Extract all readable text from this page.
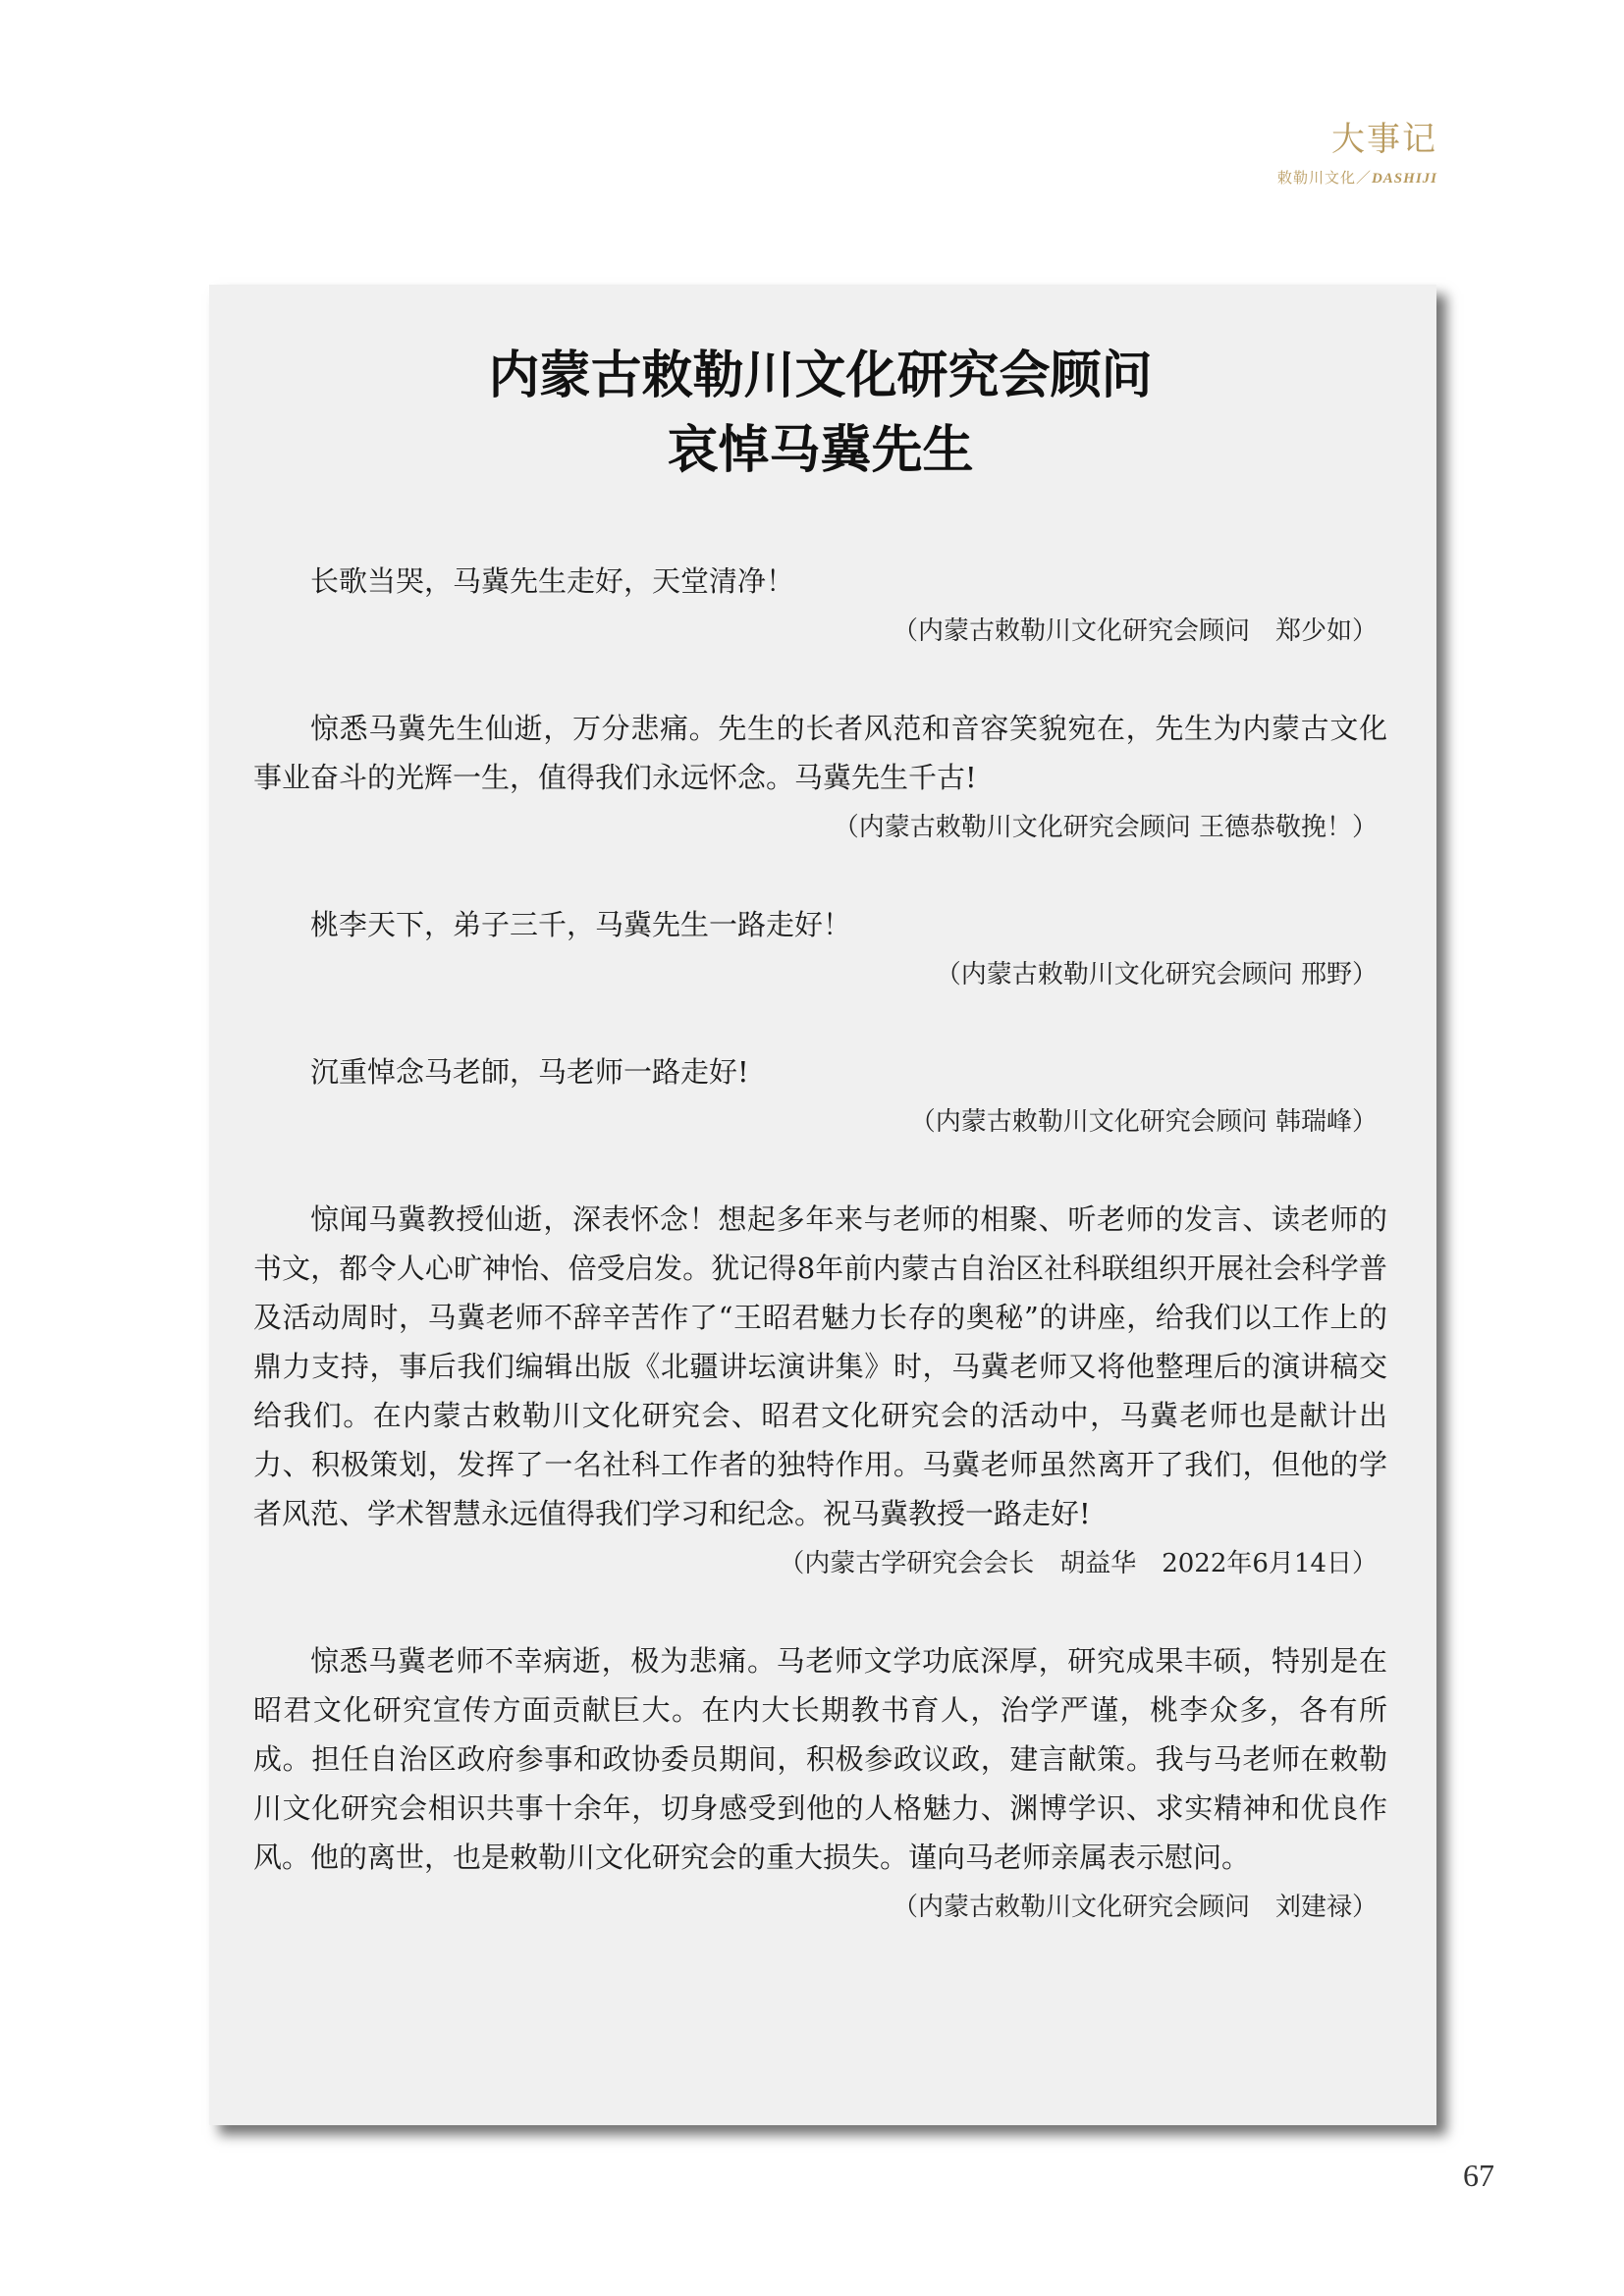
大事记
敕勒川文化／DASHIJI
内蒙古敕勒川文化研究会顾问
哀悼马冀先生

长歌当哭，马冀先生走好，天堂清净！

（内蒙古敕勒川文化研究会顾问　郑少如）

惊悉马冀先生仙逝，万分悲痛。先生的长者风范和音容笑貌宛在，先生为内蒙古文化事业奋斗的光辉一生，值得我们永远怀念。马冀先生千古!

（内蒙古敕勒川文化研究会顾问 王德恭敬挽！）

桃李天下，弟子三千，马冀先生一路走好！

（内蒙古敕勒川文化研究会顾问 邢野）

沉重悼念马老師，马老师一路走好!

（内蒙古敕勒川文化研究会顾问 韩瑞峰）

惊闻马冀教授仙逝，深表怀念！想起多年来与老师的相聚、听老师的发言、读老师的书文，都令人心旷神怡、倍受启发。犹记得8年前内蒙古自治区社科联组织开展社会科学普及活动周时，马冀老师不辞辛苦作了“王昭君魅力长存的奥秘”的讲座，给我们以工作上的鼎力支持，事后我们编辑出版《北疆讲坛演讲集》时，马冀老师又将他整理后的演讲稿交给我们。在内蒙古敕勒川文化研究会、昭君文化研究会的活动中，马冀老师也是献计出力、积极策划，发挥了一名社科工作者的独特作用。马冀老师虽然离开了我们，但他的学者风范、学术智慧永远值得我们学习和纪念。祝马冀教授一路走好!

（内蒙古学研究会会长　胡益华　2022年6月14日）

惊悉马冀老师不幸病逝，极为悲痛。马老师文学功底深厚，研究成果丰硕，特别是在昭君文化研究宣传方面贡献巨大。在内大长期教书育人，治学严谨，桃李众多，各有所成。担任自治区政府参事和政协委员期间，积极参政议政，建言献策。我与马老师在敕勒川文化研究会相识共事十余年，切身感受到他的人格魅力、渊博学识、求实精神和优良作风。他的离世，也是敕勒川文化研究会的重大损失。谨向马老师亲属表示慰问。

（内蒙古敕勒川文化研究会顾问　刘建禄）
67
